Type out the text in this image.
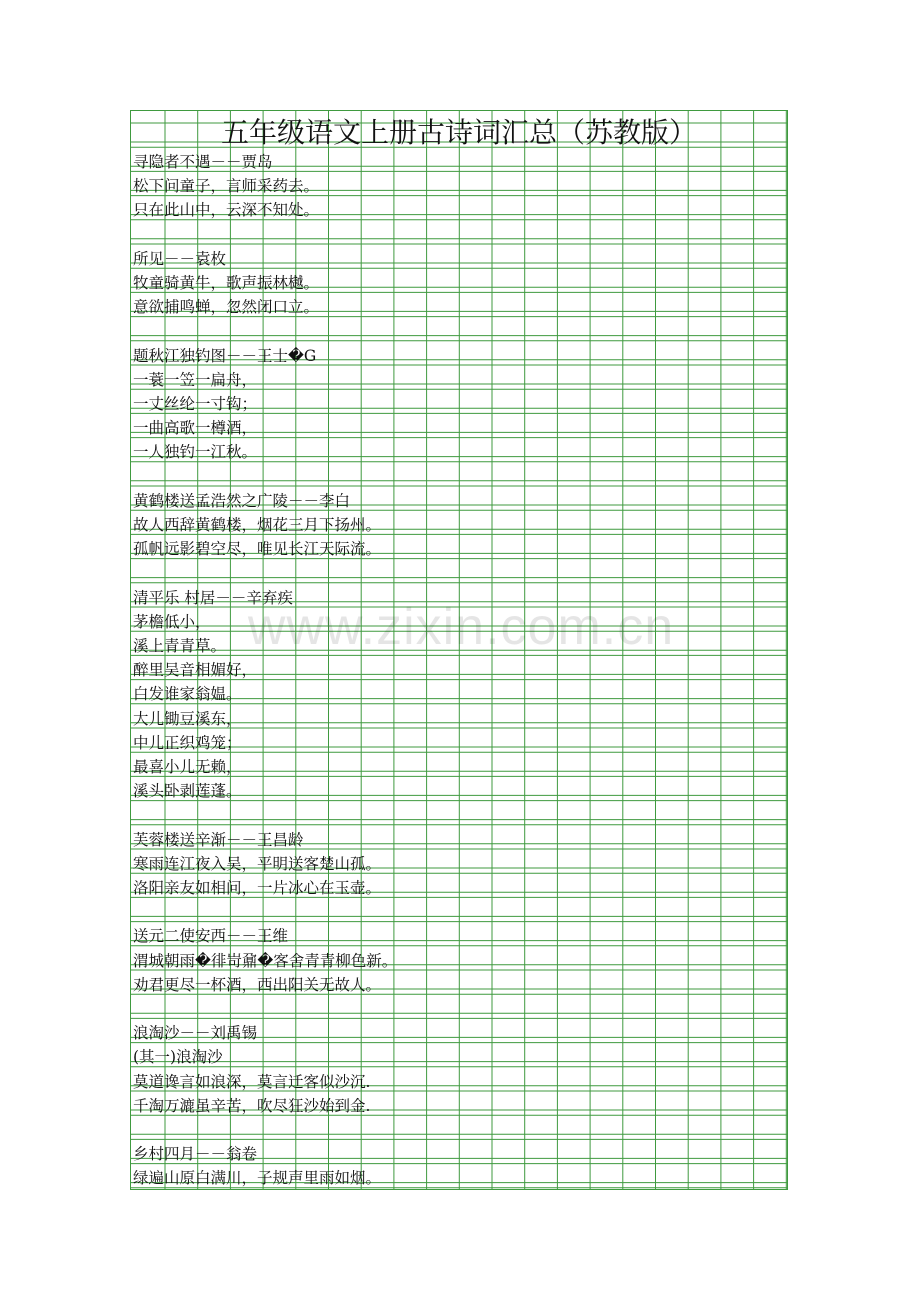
www.zixin.com.cn
五年级语文上册古诗词汇总（苏教版）
寻隐者不遇－－贾岛
松下问童子，言师采药去。
只在此山中，云深不知处。
所见－－袁枚
牧童骑黄牛，歌声振林樾。
意欲捕鸣蝉，忽然闭口立。
题秋江独钓图－－王士�G
一蓑一笠一扁舟，
一丈丝纶一寸钩；
一曲高歌一樽酒，
一人独钓一江秋。
黄鹤楼送孟浩然之广陵－－李白
故人西辞黄鹤楼，烟花三月下扬州。
孤帆远影碧空尽，唯见长江天际流。
清平乐 村居－－辛弃疾
茅檐低小，
溪上青青草。
醉里吴音相媚好，
白发谁家翁媪。
大儿锄豆溪东，
中儿正织鸡笼；
最喜小儿无赖，
溪头卧剥莲蓬。
芙蓉楼送辛渐－－王昌龄
寒雨连江夜入吴，平明送客楚山孤。
洛阳亲友如相问，一片冰心在玉壶。
送元二使安西－－王维
渭城朝雨�徘岢鼐�客舍青青柳色新。
劝君更尽一杯酒，西出阳关无故人。
浪淘沙－－刘禹锡
(其一)浪淘沙
莫道谗言如浪深，莫言迁客似沙沉.
千淘万漉虽辛苦，吹尽狂沙始到金.
乡村四月－－翁卷
绿遍山原白满川，子规声里雨如烟。
